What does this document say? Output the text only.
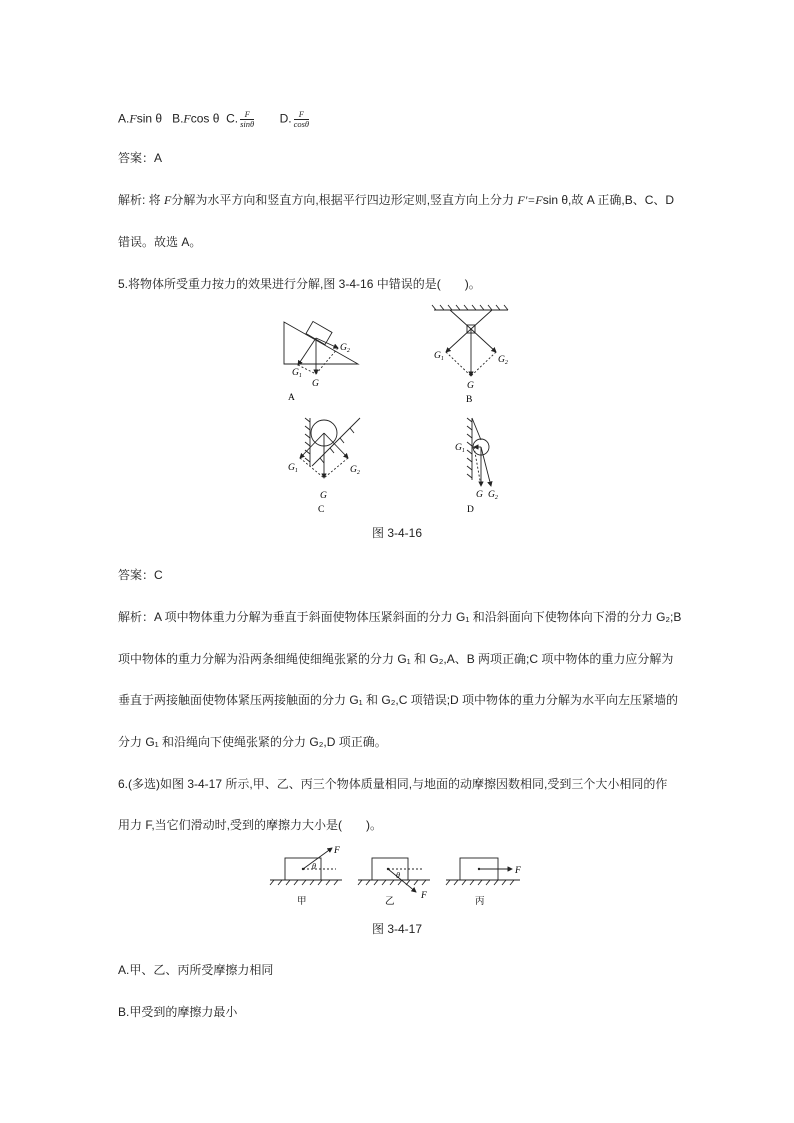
A.Fsin θ B.Fcos θ C. $\frac{F}{\sin\theta} D$. $\frac{F}{\cos\theta}$
答案：A
解析: 将 F分解为水平方向和竖直方向,根据平行四边形定则,竖直方向上分力 F'=Fsin θ,故 A 正确,B、C、D
错误。故选 A。
5.将物体所受重力按力的效果进行分解,图 3-4-16 中错误的是(　　)。
$G_2$
$G_1$
G
A
$G_1$	$G_2$
G
B
$G_1$	$G_2$
G
C
$G_1$
G $G_2$
D
图 3-4-16
答案：C
解析：A 项中物体重力分解为垂直于斜面使物体压紧斜面的分力 G₁ 和沿斜面向下使物体向下滑的分力 G₂;B
项中物体的重力分解为沿两条细绳使细绳张紧的分力 G₁ 和 G₂,A、B 两项正确;C 项中物体的重力应分解为
垂直于两接触面使物体紧压两接触面的分力 G₁ 和 G₂,C 项错误;D 项中物体的重力分解为水平向左压紧墙的
分力 G₁ 和沿绳向下使绳张紧的分力 G₂,D 项正确。
6.(多选)如图 3-4-17 所示,甲、乙、丙三个物体质量相同,与地面的动摩擦因数相同,受到三个大小相同的作
用力 F,当它们滑动时,受到的摩擦力大小是(　　)。
F
θ
甲
F
θ
乙
F
丙
图 3-4-17
A.甲、乙、丙所受摩擦力相同
B.甲受到的摩擦力最小
